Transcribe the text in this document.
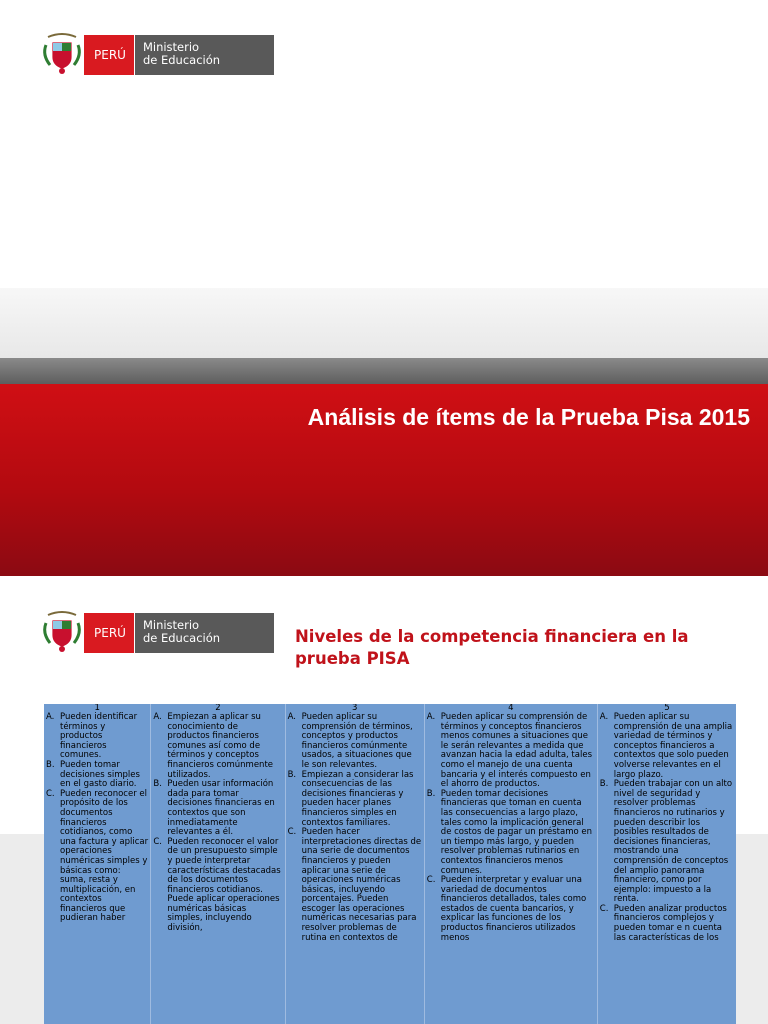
PERÚ
Ministerio
de Educación
Análisis de ítems de la Prueba Pisa 2015
PERÚ
Ministerio
de Educación	Niveles de la competencia financiera en la prueba PISA
1
A. Pueden identificar términos y productos financieros comunes.
B. Pueden tomar decisiones simples en el gasto diario.
C. Pueden reconocer el propósito de los documentos financieros cotidianos, como una factura y aplicar operaciones numéricas simples y básicas como: suma, resta y multiplicación, en contextos financieros que pudieran haber
2
A. Empiezan a aplicar su conocimiento de productos financieros comunes así como de términos y conceptos financieros comúnmente utilizados.
B. Pueden usar información dada para tomar decisiones financieras en contextos que son inmediatamente relevantes a él.
C. Pueden reconocer el valor de un presupuesto simple y puede interpretar características destacadas de los documentos financieros cotidianos. Puede aplicar operaciones numéricas básicas simples, incluyendo división,
3
A. Pueden aplicar su comprensión de términos, conceptos y productos financieros comúnmente usados, a situaciones que le son relevantes.
B. Empiezan a considerar las consecuencias de las decisiones financieras y pueden hacer planes financieros simples en contextos familiares.
C. Pueden hacer interpretaciones directas de una serie de documentos financieros y pueden aplicar una serie de operaciones numéricas básicas, incluyendo porcentajes. Pueden escoger las operaciones numéricas necesarias para resolver problemas de rutina en contextos de
4
A. Pueden aplicar su comprensión de términos y conceptos financieros menos comunes a situaciones que le serán relevantes a medida que avanzan hacia la edad adulta, tales como el manejo de una cuenta bancaria y el interés compuesto en el ahorro de productos.
B. Pueden tomar decisiones financieras que toman en cuenta las consecuencias a largo plazo, tales como la implicación general de costos de pagar un préstamo en un tiempo más largo, y pueden resolver problemas rutinarios en contextos financieros menos comunes.
C. Pueden interpretar y evaluar una variedad de documentos financieros detallados, tales como estados de cuenta bancarios, y explicar las funciones de los productos financieros utilizados menos
5
A. Pueden aplicar su comprensión de una amplia variedad de términos y conceptos financieros a contextos que solo pueden volverse relevantes en el largo plazo.
B. Pueden trabajar con un alto nivel de seguridad y resolver problemas financieros no rutinarios y pueden describir los posibles resultados de decisiones financieras, mostrando una comprensión de conceptos del amplio panorama financiero, como por ejemplo: impuesto a la renta.
C. Pueden analizar productos financieros complejos y pueden tomar e n cuenta las características de los
